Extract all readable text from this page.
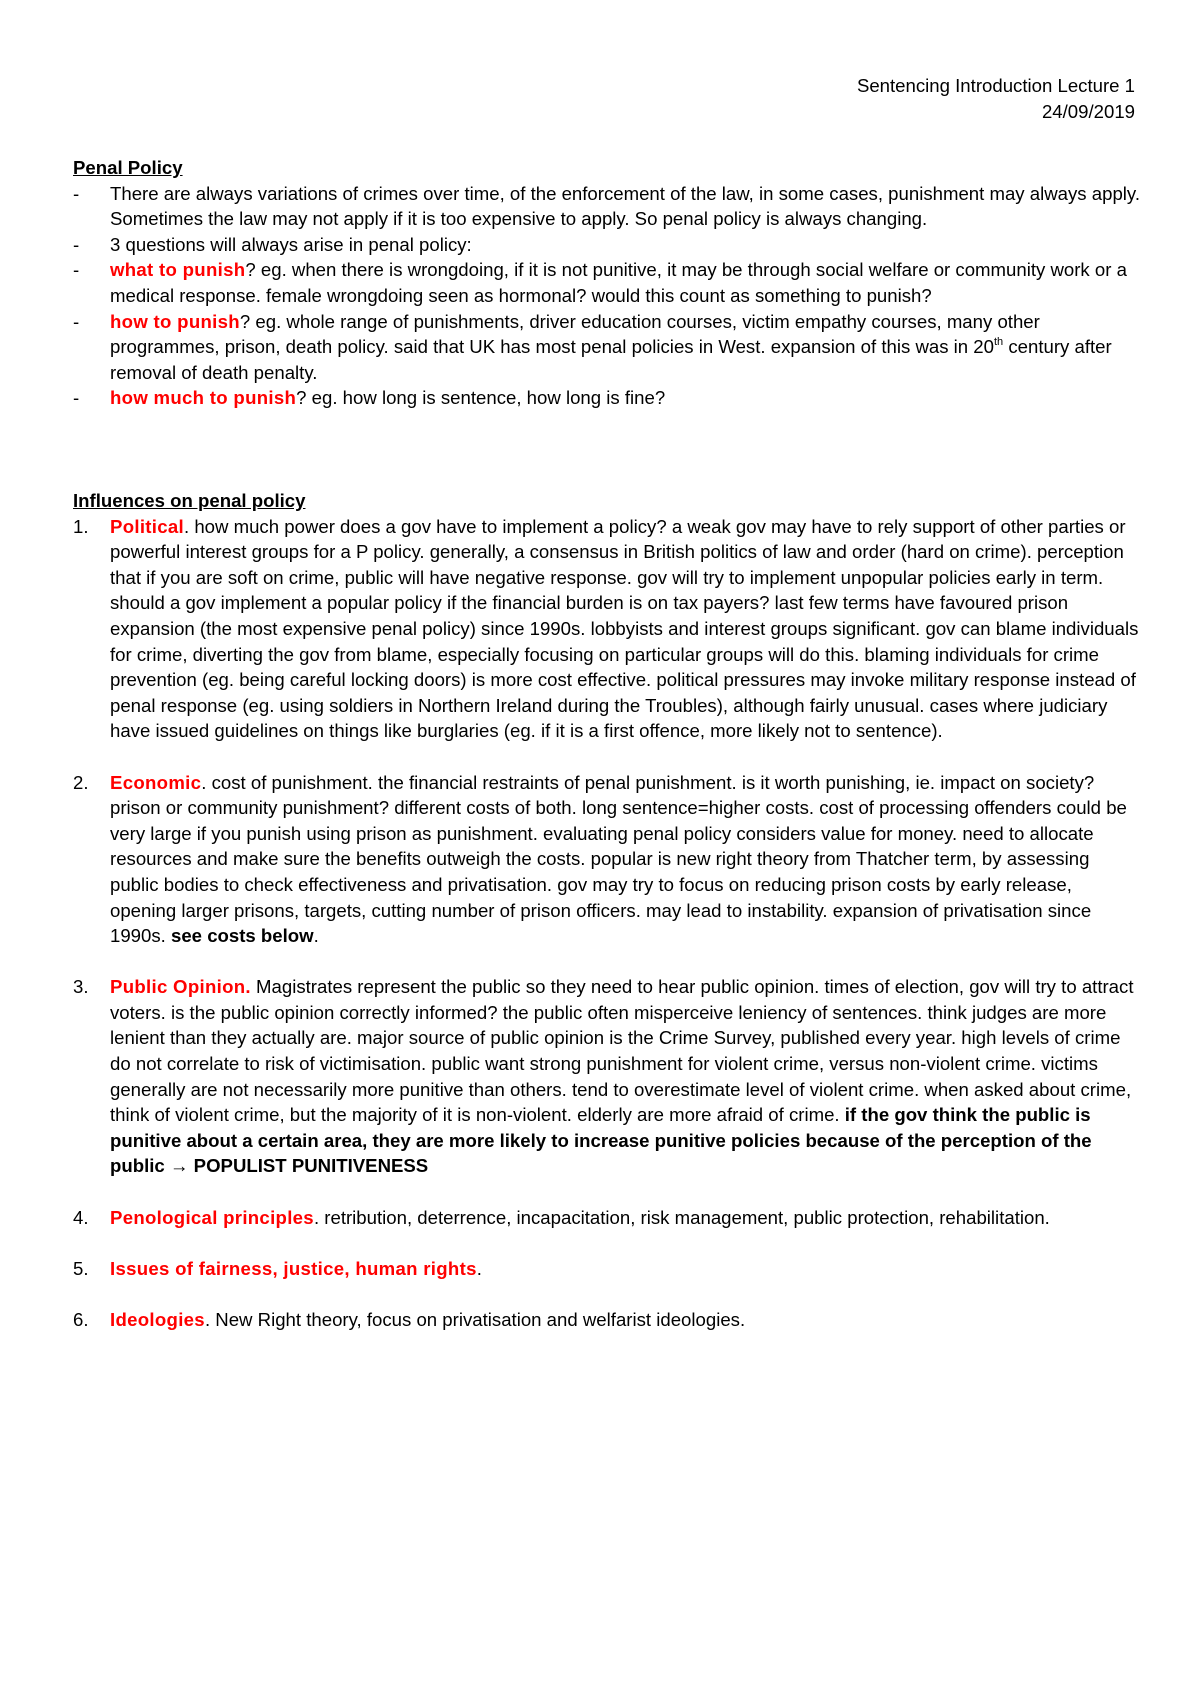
Sentencing Introduction Lecture 1
24/09/2019
Penal Policy
-	There are always variations of crimes over time, of the enforcement of the law, in some cases, punishment may always apply. Sometimes the law may not apply if it is too expensive to apply. So penal policy is always changing.
-	3 questions will always arise in penal policy:
-	what to punish? eg. when there is wrongdoing, if it is not punitive, it may be through social welfare or community work or a medical response. female wrongdoing seen as hormonal? would this count as something to punish?
-	how to punish? eg. whole range of punishments, driver education courses, victim empathy courses, many other programmes, prison, death policy. said that UK has most penal policies in West. expansion of this was in 20th century after removal of death penalty.
-	how much to punish? eg. how long is sentence, how long is fine?
Influences on penal policy
1.	Political. how much power does a gov have to implement a policy? a weak gov may have to rely support of other parties or powerful interest groups for a P policy. generally, a consensus in British politics of law and order (hard on crime). perception that if you are soft on crime, public will have negative response. gov will try to implement unpopular policies early in term. should a gov implement a popular policy if the financial burden is on tax payers? last few terms have favoured prison expansion (the most expensive penal policy) since 1990s. lobbyists and interest groups significant. gov can blame individuals for crime, diverting the gov from blame, especially focusing on particular groups will do this. blaming individuals for crime prevention (eg. being careful locking doors) is more cost effective. political pressures may invoke military response instead of penal response (eg. using soldiers in Northern Ireland during the Troubles), although fairly unusual. cases where judiciary have issued guidelines on things like burglaries (eg. if it is a first offence, more likely not to sentence).
2.	Economic. cost of punishment. the financial restraints of penal punishment. is it worth punishing, ie. impact on society? prison or community punishment? different costs of both. long sentence=higher costs. cost of processing offenders could be very large if you punish using prison as punishment. evaluating penal policy considers value for money. need to allocate resources and make sure the benefits outweigh the costs. popular is new right theory from Thatcher term, by assessing public bodies to check effectiveness and privatisation. gov may try to focus on reducing prison costs by early release, opening larger prisons, targets, cutting number of prison officers. may lead to instability. expansion of privatisation since 1990s. see costs below.
3.	Public Opinion. Magistrates represent the public so they need to hear public opinion. times of election, gov will try to attract voters. is the public opinion correctly informed? the public often misperceive leniency of sentences. think judges are more lenient than they actually are. major source of public opinion is the Crime Survey, published every year. high levels of crime do not correlate to risk of victimisation. public want strong punishment for violent crime, versus non-violent crime. victims generally are not necessarily more punitive than others. tend to overestimate level of violent crime. when asked about crime, think of violent crime, but the majority of it is non-violent. elderly are more afraid of crime. if the gov think the public is punitive about a certain area, they are more likely to increase punitive policies because of the perception of the public → POPULIST PUNITIVENESS
4.	Penological principles. retribution, deterrence, incapacitation, risk management, public protection, rehabilitation.
5.	Issues of fairness, justice, human rights.
6.	Ideologies. New Right theory, focus on privatisation and welfarist ideologies.
